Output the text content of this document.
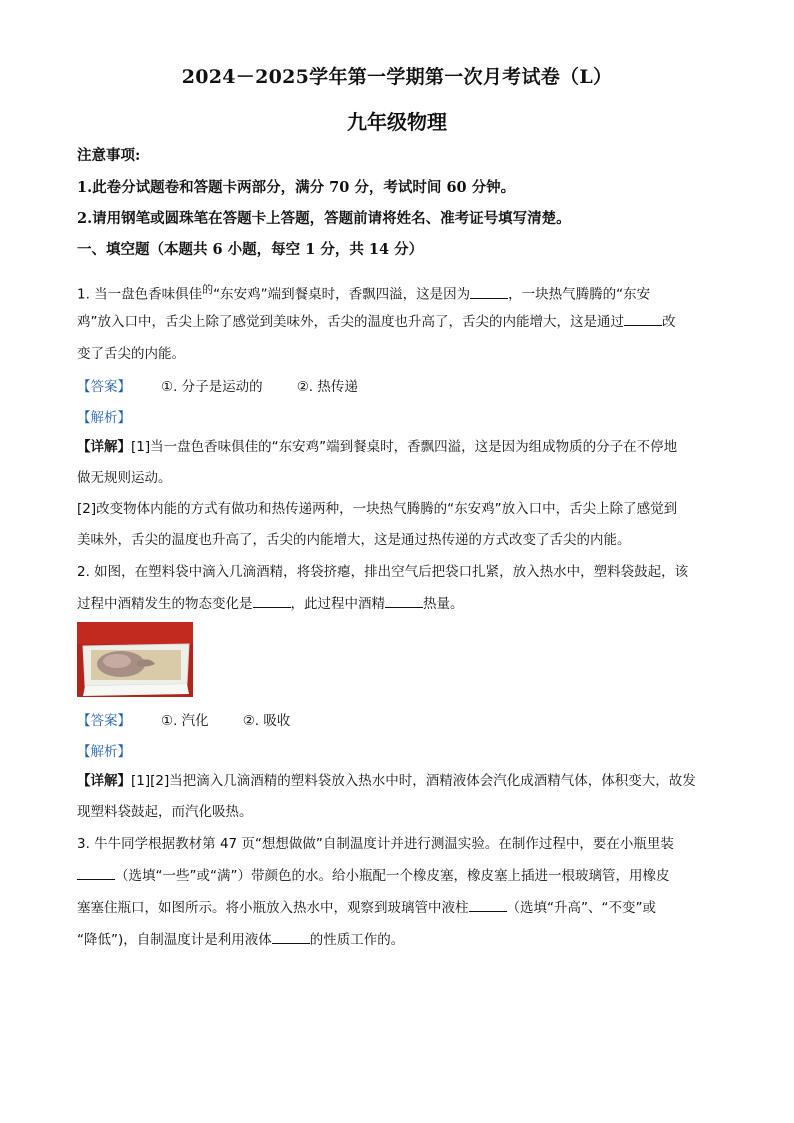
2024－2025学年第一学期第一次月考试卷（L）
九年级物理
注意事项:
1.此卷分试题卷和答题卡两部分，满分 70 分，考试时间 60 分钟。
2.请用钢笔或圆珠笔在答题卡上答题，答题前请将姓名、准考证号填写清楚。
一、填空题（本题共 6 小题，每空 1 分，共 14 分）
1. 当一盘色香味俱佳$^的$“东安鸡”端到餐桌时，香飘四溢，这是因为	，一块热气腾腾的“东安
鸡”放入口中，舌尖上除了感觉到美味外，舌尖的温度也升高了，舌尖的内能增大，这是通过	改
变了舌尖的内能。
【答案】 ①. 分子是运动的	②. 热传递
【解析】
【详解】[1]当一盘色香味俱佳的“东安鸡”端到餐桌时，香飘四溢，这是因为组成物质的分子在不停地
做无规则运动。
[2]改变物体内能的方式有做功和热传递两种，一块热气腾腾的“东安鸡”放入口中，舌尖上除了感觉到
美味外，舌尖的温度也升高了，舌尖的内能增大，这是通过热传递的方式改变了舌尖的内能。
2. 如图，在塑料袋中滴入几滴酒精，将袋挤瘪，排出空气后把袋口扎紧，放入热水中，塑料袋鼓起，该
过程中酒精发生的物态变化是	，此过程中酒精	热量。
【答案】 ①. 汽化	②. 吸收
【解析】
【详解】[1][2]当把滴入几滴酒精的塑料袋放入热水中时，酒精液体会汽化成酒精气体，体积变大，故发
现塑料袋鼓起，而汽化吸热。
3. 牛牛同学根据教材第 47 页“想想做做”自制温度计并进行测温实验。在制作过程中，要在小瓶里装
（选填“一些”或“满”）带颜色的水。给小瓶配一个橡皮塞，橡皮塞上插进一根玻璃管，用橡皮
塞塞住瓶口，如图所示。将小瓶放入热水中，观察到玻璃管中液柱	（选填“升高”、“不变”或
“降低”)，自制温度计是利用液体	的性质工作的。
